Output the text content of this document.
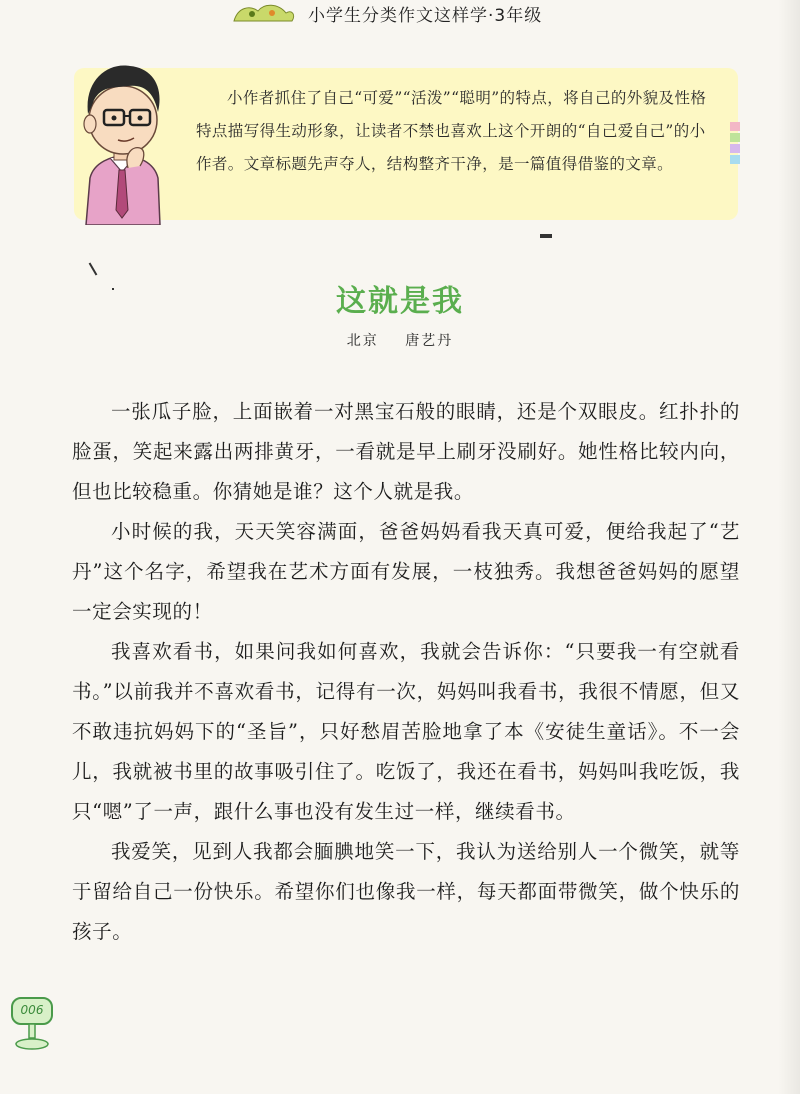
小学生分类作文这样学·3年级
小作者抓住了自己“可爱”“活泼”“聪明”的特点，将自己的外貌及性格特点描写得生动形象，让读者不禁也喜欢上这个开朗的“自己爱自己”的小作者。文章标题先声夺人，结构整齐干净，是一篇值得借鉴的文章。
这就是我
北京 唐艺丹

一张瓜子脸，上面嵌着一对黑宝石般的眼睛，还是个双眼皮。红扑扑的脸蛋，笑起来露出两排黄牙，一看就是早上刷牙没刷好。她性格比较内向，但也比较稳重。你猜她是谁？这个人就是我。

小时候的我，天天笑容满面，爸爸妈妈看我天真可爱，便给我起了“艺丹”这个名字，希望我在艺术方面有发展，一枝独秀。我想爸爸妈妈的愿望一定会实现的！

我喜欢看书，如果问我如何喜欢，我就会告诉你：“只要我一有空就看书。”以前我并不喜欢看书，记得有一次，妈妈叫我看书，我很不情愿，但又不敢违抗妈妈下的“圣旨”，只好愁眉苦脸地拿了本《安徒生童话》。不一会儿，我就被书里的故事吸引住了。吃饭了，我还在看书，妈妈叫我吃饭，我只“嗯”了一声，跟什么事也没有发生过一样，继续看书。

我爱笑，见到人我都会腼腆地笑一下，我认为送给别人一个微笑，就等于留给自己一份快乐。希望你们也像我一样，每天都面带微笑，做个快乐的孩子。

006
